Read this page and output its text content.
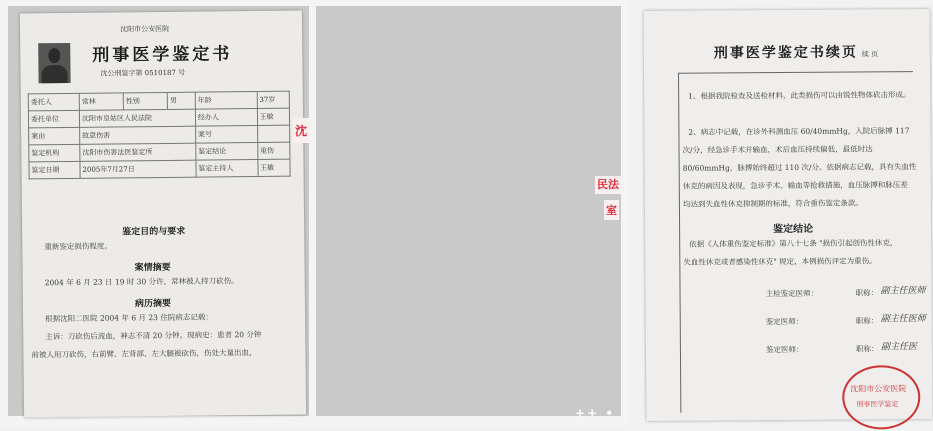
沈阳市公安医院
刑事医学鉴定书
沈公刑鉴字第 0510187 号
委托人	常林	性别	男	年龄	37岁
委托单位	沈阳市皇姑区人民法院			经办人	王敏
案由	故意伤害			案号	
鉴定机构	沈阳市伤害法医鉴定所			鉴定结论	重伤
鉴定日期	2005年7月27日			鉴定主持人	王敏
鉴定目的与要求
重新鉴定损伤程度。
案情摘要
2004 年 6 月 23 日 19 时 30 分许，常林被人持刀砍伤。
病历摘要
根据沈阳二医院 2004 年 6 月 23 住院病志记载：
主诉：刀砍伤后流血，神志不清 20 分钟。现病史：患者 20 分钟
前被人用刀砍伤，右前臂、左背部、左大腿被砍伤，伤处大量出血，
沈
刑事医学鉴定书续页 续 页
1、根据我院检查及送检材料，此类损伤可以由锐性物体砍击形成。
2、病志中记载，在诊外科测血压 60/40mmHg，入院后脉搏 117
次/分，经急诊手术并输血，术后血压持续偏低，最低时达
80/60mmHg，脉搏始终超过 110 次/分。依据病志记载，具有失血性
休克的病因及表现，急诊手术、输血等抢救措施，血压脉搏和脉压差
均达到失血性休克抑制期的标准，符合重伤鉴定条款。
鉴定结论
依据《人体重伤鉴定标准》第八十七条 "损伤引起创伤性休克，
失血性休克或者感染性休克" 规定，本例损伤评定为重伤。
主检鉴定医师：	职称： 副主任医师
鉴定医师：	职称： 副主任医师
鉴定医师：	职称： 副主任医
沈阳市公安医院
刑事医学鉴定
民法
室
++ •
